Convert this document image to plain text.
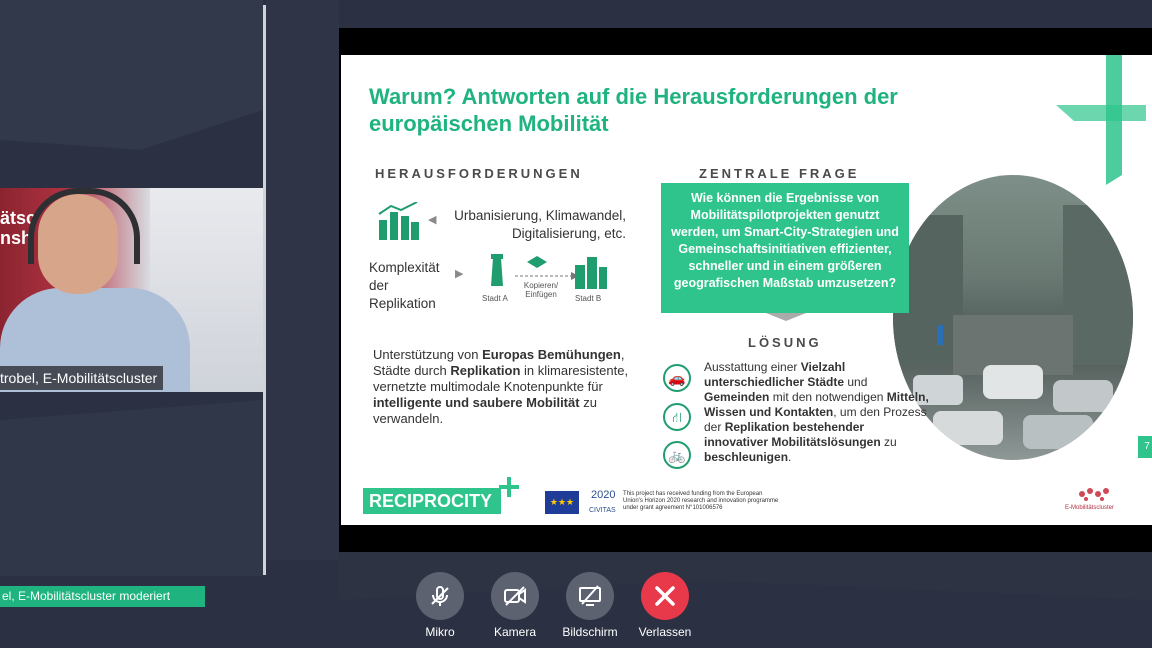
ätsc
nsh
trobel, E-Mobilitätscluster
Warum? Antworten auf die Herausforderungen der europäischen Mobilität
HERAUSFORDERUNGEN
◀	Urbanisierung, Klimawandel, Digitalisierung, etc.
Komplexität der Replikation
▶
Stadt A
Kopieren/ Einfügen	Stadt B
Unterstützung von Europas Bemühungen, Städte durch Replikation in klimaresistente, vernetzte multimodale Knotenpunkte für intelligente und saubere Mobilität zu verwandeln.
ZENTRALE FRAGE
Wie können die Ergebnisse von Mobilitätspilotprojekten genutzt werden, um Smart-City-Strategien und Gemeinschaftsinitiativen effizienter, schneller und in einem größeren geografischen Maßstab umzusetzen?
LÖSUNG
🚗
⛙
🚲
Ausstattung einer Vielzahl unterschiedlicher Städte und Gemeinden mit den notwendigen Mitteln, Wissen und Kontakten, um den Prozess der Replikation bestehender innovativer Mobilitätslösungen zu beschleunigen.
RECIPROCITY	★★★
2020
CIVITAS
This project has received funding from the European Union's Horizon 2020 research and innovation programme under grant agreement N°101006576	E-Mobilitätscluster
7
el, E-Mobilitätscluster moderiert
Mikro	Kamera	Bildschirm	Verlassen
